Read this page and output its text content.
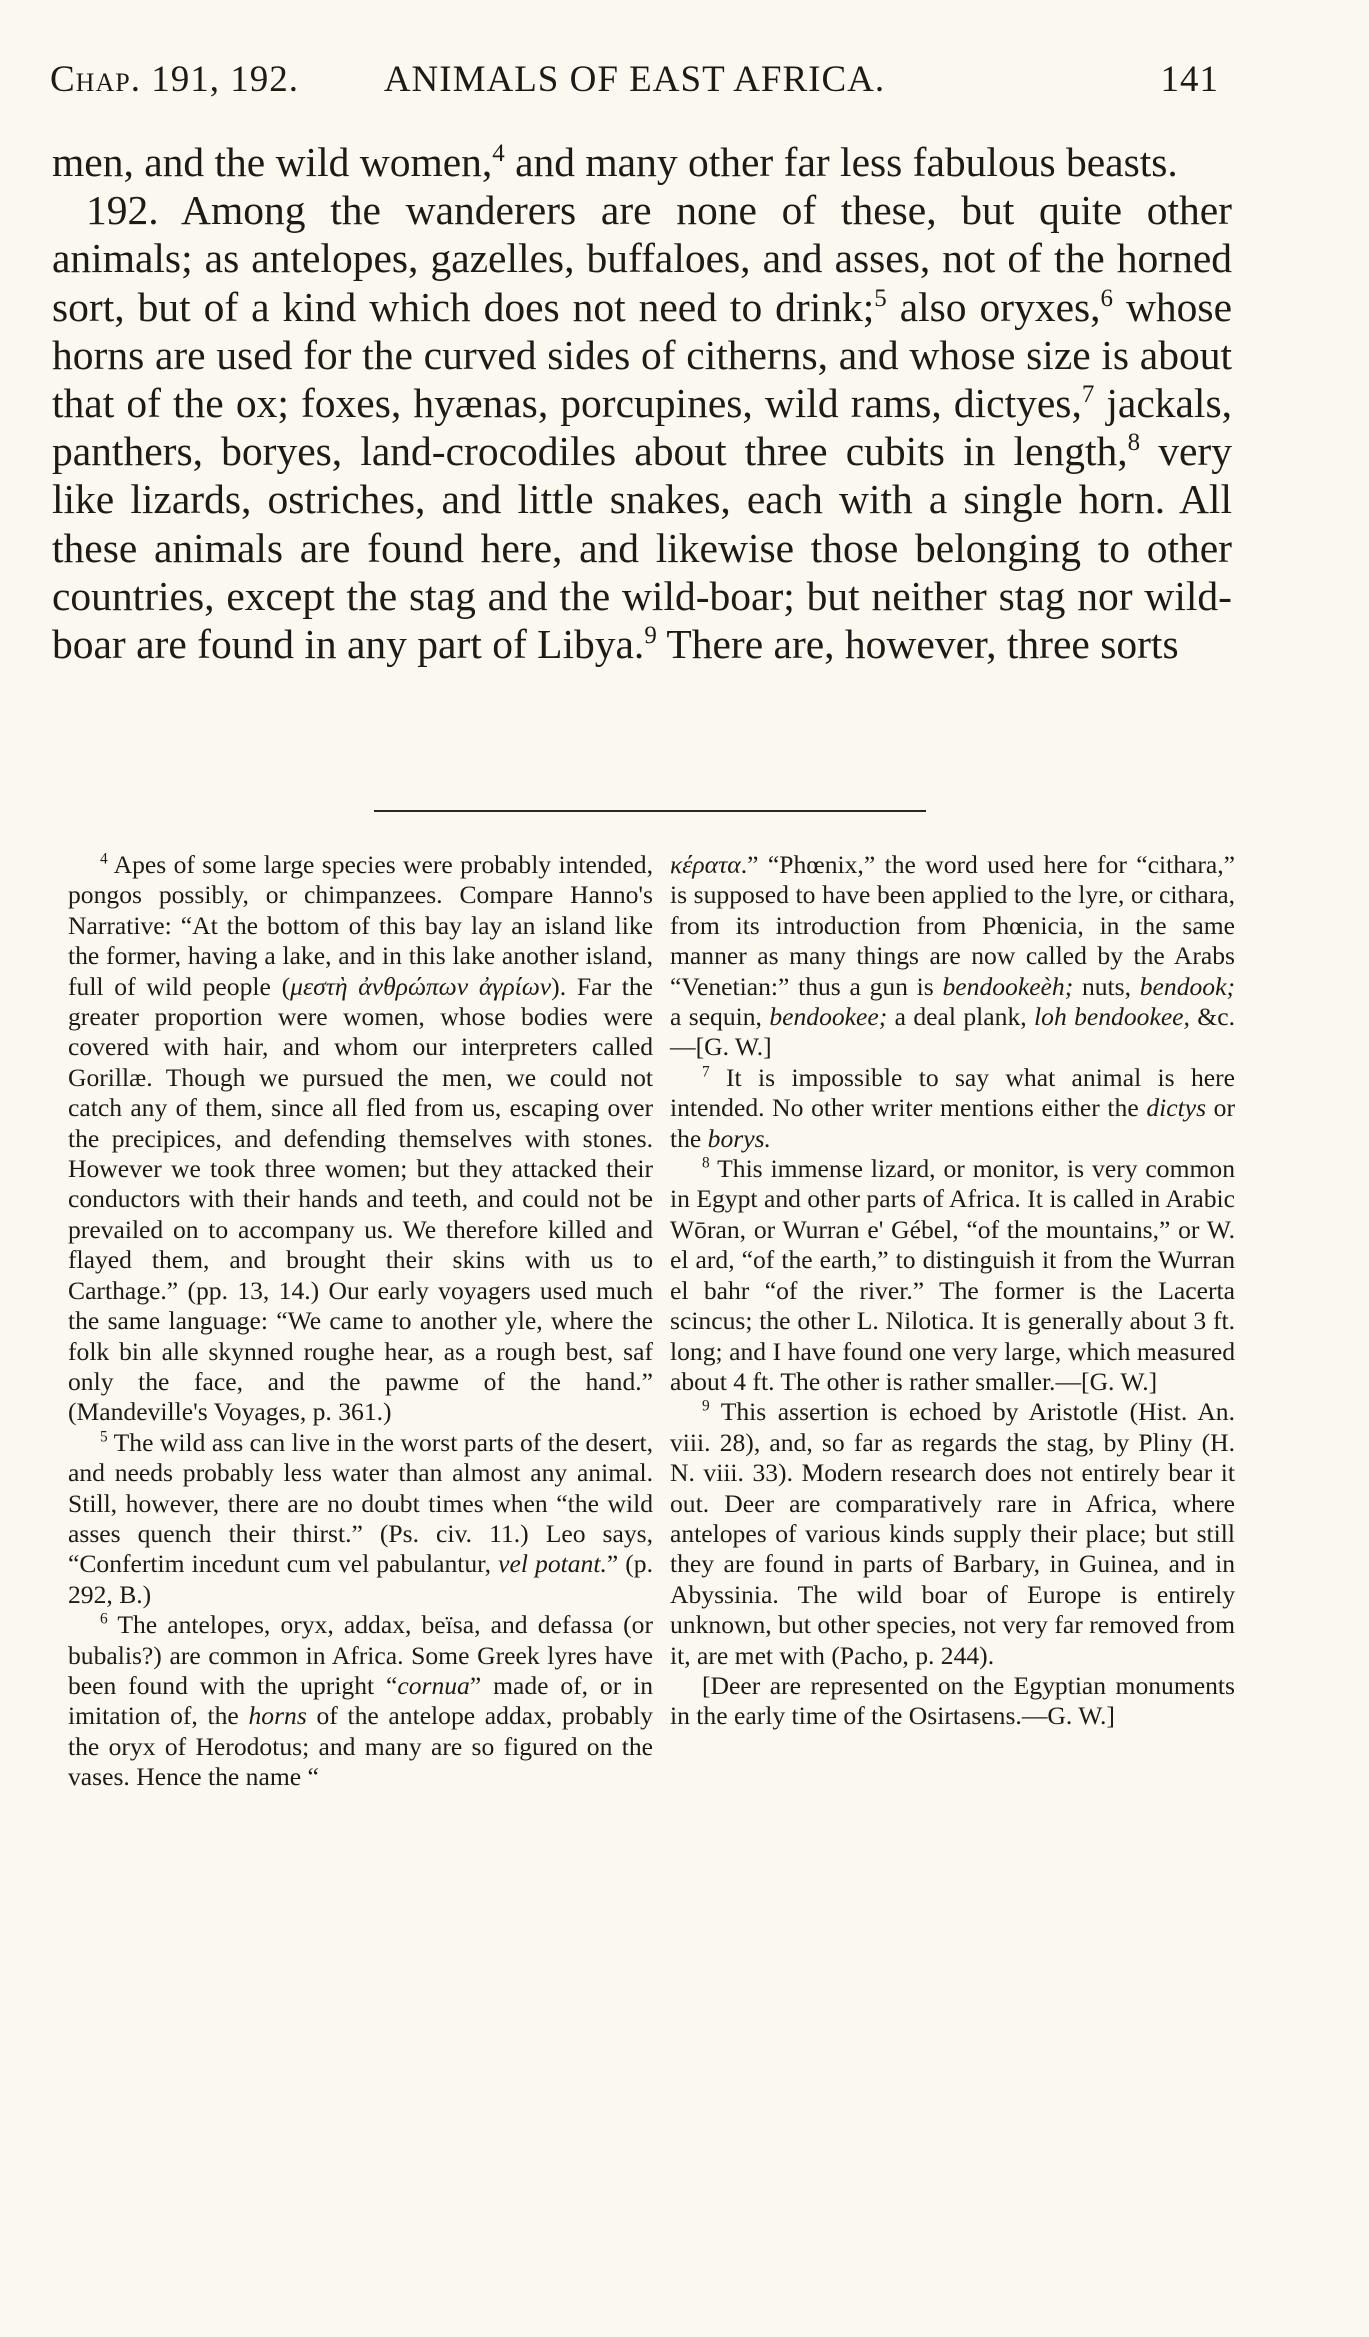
Chap. 191, 192.	ANIMALS OF EAST AFRICA.	141

men, and the wild women,$^4$ and many other far less fabulous beasts.

192. Among the wanderers are none of these, but quite other animals; as antelopes, gazelles, buffaloes, and asses, not of the horned sort, but of a kind which does not need to drink;$^5$ also oryxes,$^6$ whose horns are used for the curved sides of citherns, and whose size is about that of the ox; foxes, hyænas, porcupines, wild rams, dictyes,$^7$ jackals, panthers, boryes, land-crocodiles about three cubits in length,$^8$ very like lizards, ostriches, and little snakes, each with a single horn. All these animals are found here, and likewise those belonging to other countries, except the stag and the wild-boar; but neither stag nor wild-boar are found in any part of Libya.$^9$ There are, however, three sorts

$^4$ Apes of some large species were probably intended, pongos possibly, or chimpanzees. Compare Hanno's Narrative: “At the bottom of this bay lay an island like the former, having a lake, and in this lake another island, full of wild people (μεστὴ ἀνθρώπων ἀγρίων). Far the greater proportion were women, whose bodies were covered with hair, and whom our interpreters called Gorillæ. Though we pursued the men, we could not catch any of them, since all fled from us, escaping over the precipices, and defending themselves with stones. However we took three women; but they attacked their conductors with their hands and teeth, and could not be prevailed on to accompany us. We therefore killed and flayed them, and brought their skins with us to Carthage.” (pp. 13, 14.) Our early voyagers used much the same language: “We came to another yle, where the folk bin alle skynned roughe hear, as a rough best, saf only the face, and the pawme of the hand.” (Mandeville's Voyages, p. 361.)

$^5$ The wild ass can live in the worst parts of the desert, and needs probably less water than almost any animal. Still, however, there are no doubt times when “the wild asses quench their thirst.” (Ps. civ. 11.) Leo says, “Confertim incedunt cum vel pabulantur, vel potant.” (p. 292, B.)

$^6$ The antelopes, oryx, addax, beïsa, and defassa (or bubalis?) are common in Africa. Some Greek lyres have been found with the upright “cornua” made of, or in imitation of, the horns of the antelope addax, probably the oryx of Herodotus; and many are so figured on the vases. Hence the name “

κέρατα.” “Phœnix,” the word used here for “cithara,” is supposed to have been applied to the lyre, or cithara, from its introduction from Phœnicia, in the same manner as many things are now called by the Arabs “Venetian:” thus a gun is bendookeèh; nuts, bendook; a sequin, bendookee; a deal plank, loh bendookee, &c.—[G. W.]

$^7$ It is impossible to say what animal is here intended. No other writer mentions either the dictys or the borys.

$^8$ This immense lizard, or monitor, is very common in Egypt and other parts of Africa. It is called in Arabic Wōran, or Wurran e' Gébel, “of the mountains,” or W. el ard, “of the earth,” to distinguish it from the Wurran el bahr “of the river.” The former is the Lacerta scincus; the other L. Nilotica. It is generally about 3 ft. long; and I have found one very large, which measured about 4 ft. The other is rather smaller.—[G. W.]

$^9$ This assertion is echoed by Aristotle (Hist. An. viii. 28), and, so far as regards the stag, by Pliny (H. N. viii. 33). Modern research does not entirely bear it out. Deer are comparatively rare in Africa, where antelopes of various kinds supply their place; but still they are found in parts of Barbary, in Guinea, and in Abyssinia. The wild boar of Europe is entirely unknown, but other species, not very far removed from it, are met with (Pacho, p. 244).

[Deer are represented on the Egyptian monuments in the early time of the Osirtasens.—G. W.]
